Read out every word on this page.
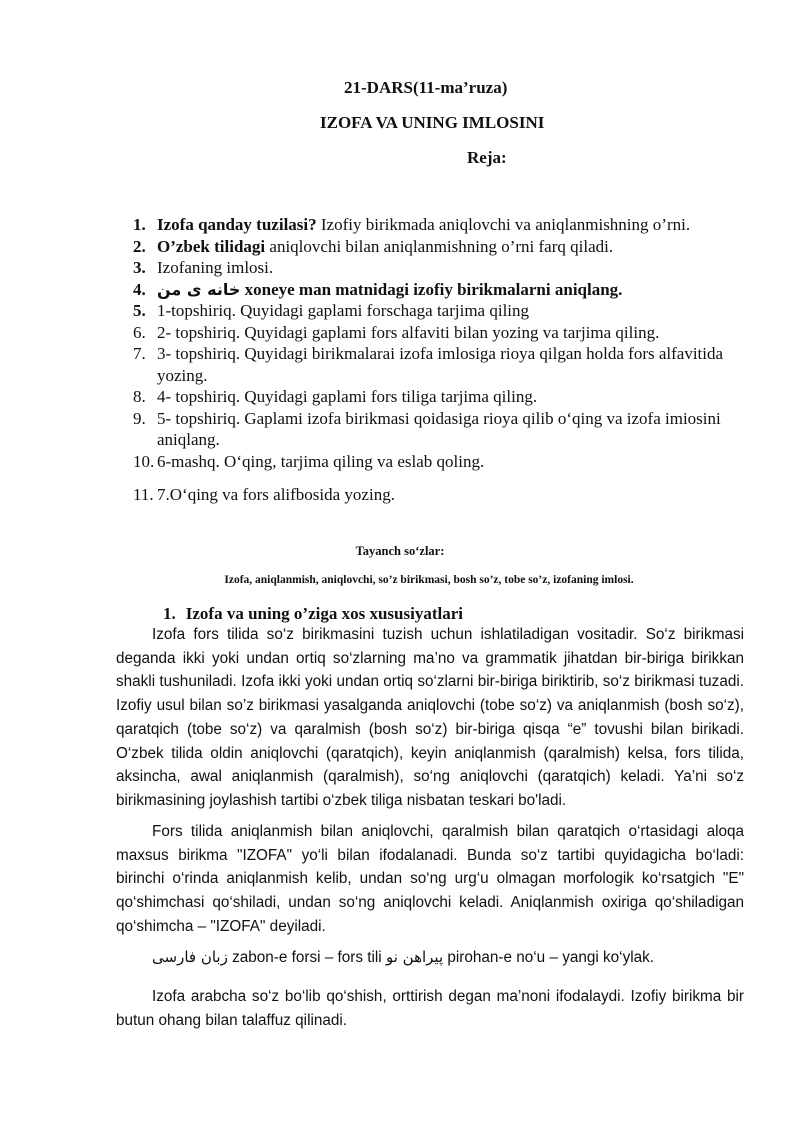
21-DARS(11-ma’ruza)
IZOFA VA UNING IMLOSINI
Reja:
1. Izofa qanday tuzilasi? Izofiy birikmada aniqlovchi va aniqlanmishning o’rni.
2. O’zbek tilidagi aniqlovchi bilan aniqlanmishning o’rni farq qiladi.
3. Izofaning imlosi.
4. خانه ی من xoneye man matnidagi izofiy birikmalarni aniqlang.
5. 1-topshiriq. Quyidagi gaplami forschaga tarjima qiling
6. 2- topshiriq. Quyidagi gaplami fors alfaviti bilan yozing va tarjima qiling.
7. 3- topshiriq. Quyidagi birikmalarai izofa imlosiga rioya qilgan holda fors alfavitida yozing.
8. 4- topshiriq. Quyidagi gaplami fors tiliga tarjima qiling.
9. 5- topshiriq. Gaplami izofa birikmasi qoidasiga rioya qilib o‘qing va izofa imiosini aniqlang.
10. 6-mashq. O‘qing, tarjima qiling va eslab qoling.
11. 7.O‘qing va fors alifbosida yozing.
Tayanch so‘zlar:
Izofa, aniqlanmish, aniqlovchi, so’z birikmasi, bosh so’z, tobe so’z, izofaning imlosi.
1. Izofa va uning o’ziga xos xususiyatlari

Izofa fors tilida so‘z birikmasini tuzish uchun ishlatiladigan vositadir. So‘z birikmasi deganda ikki yoki undan ortiq so‘zlarning ma’no va grammatik jihatdan bir-biriga birikkan shakli tushuniladi. Izofa ikki yoki undan ortiq so‘zlarni bir-biriga biriktirib, so‘z birikmasi tuzadi. Izofiy usul bilan so’z birikmasi yasalganda aniqlovchi (tobe so‘z) va aniqlanmish (bosh so‘z), qaratqich (tobe so‘z) va qaralmish (bosh so‘z) bir-biriga qisqa “e” tovushi bilan birikadi. O‘zbek tilida oldin aniqlovchi (qaratqich), keyin aniqlanmish (qaralmish) kelsa, fors tilida, aksincha, awal aniqlanmish (qaralmish), so‘ng aniqlovchi (qaratqich) keladi. Ya’ni so‘z birikmasining joylashish tartibi o‘zbek tiliga nisbatan teskari bo'ladi.

Fors tilida aniqlanmish bilan aniqlovchi, qaralmish bilan qaratqich o‘rtasidagi aloqa maxsus birikma "IZOFA" yo‘li bilan ifodalanadi. Bunda so‘z tartibi quyidagicha bo‘ladi: birinchi o‘rinda aniqlanmish kelib, undan so‘ng urg‘u olmagan morfologik ko‘rsatgich "E" qo‘shimchasi qo‘shiladi, undan so‘ng aniqlovchi keladi. Aniqlanmish oxiriga qo‘shiladigan qo‘shimcha – "IZOFA" deyiladi.

زبان فارسی zabon-e forsi – fors tili پیراهن نو pirohan-e no‘u – yangi ko‘ylak.

Izofa arabcha so‘z bo‘lib qo‘shish, orttirish degan ma’noni ifodalaydi. Izofiy birikma bir butun ohang bilan talaffuz qilinadi.
